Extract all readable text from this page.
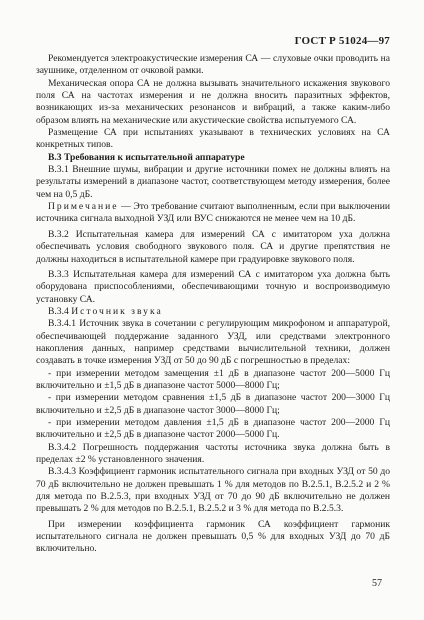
ГОСТ Р 51024—97

Рекомендуется электроакустические измерения СА — слуховые очки проводить на заушнике, отделенном от очковой рамки.

Механическая опора СА не должна вызывать значительного искажения звукового поля СА на частотах измерения и не должна вносить паразитных эффектов, возникающих из-за механических резонансов и вибраций, а также каким-либо образом влиять на механические или акустические свойства испытуемого СА.

Размещение СА при испытаниях указывают в технических условиях на СА конкретных типов.

В.3 Требования к испытательной аппаратуре

В.3.1 Внешние шумы, вибрации и другие источники помех не должны влиять на результаты измерений в диапазоне частот, соответствующем методу измерения, более чем на 0,5 дБ.

Примечание — Это требование считают выполненным, если при выключении источника сигнала выходной УЗД или ВУС снижаются не менее чем на 10 дБ.

В.3.2 Испытательная камера для измерений СА с имитатором уха должна обеспечивать условия свободного звукового поля. СА и другие препятствия не должны находиться в испытательной камере при градуировке звукового поля.

В.3.3 Испытательная камера для измерений СА с имитатором уха должна быть оборудована приспособлениями, обеспечивающими точную и воспроизводимую установку СА.

В.3.4 Источник звука

В.3.4.1 Источник звука в сочетании с регулирующим микрофоном и аппаратурой, обеспечивающей поддержание заданного УЗД, или средствами электронного накопления данных, например средствами вычислительной техники, должен создавать в точке измерения УЗД от 50 до 90 дБ с погрешностью в пределах:

- при измерении методом замещения ±1 дБ в диапазоне частот 200—5000 Гц включительно и ±1,5 дБ в диапазоне частот 5000—8000 Гц;

- при измерении методом сравнения ±1,5 дБ в диапазоне частот 200—3000 Гц включительно и ±2,5 дБ в диапазоне частот 3000—8000 Гц;

- при измерении методом давления ±1,5 дБ в диапазоне частот 200—2000 Гц включительно и ±2,5 дБ в диапазоне частот 2000—5000 Гц.

В.3.4.2 Погрешность поддержания частоты источника звука должна быть в пределах ±2 % установленного значения.

В.3.4.3 Коэффициент гармоник испытательного сигнала при входных УЗД от 50 до 70 дБ включительно не должен превышать 1 % для методов по В.2.5.1, В.2.5.2 и 2 % для метода по В.2.5.3, при входных УЗД от 70 до 90 дБ включительно не должен превышать 2 % для методов по В.2.5.1, В.2.5.2 и 3 % для метода по В.2.5.3.

При измерении коэффициента гармоник СА коэффициент гармоник испытательного сигнала не должен превышать 0,5 % для входных УЗД до 70 дБ включительно.

57
